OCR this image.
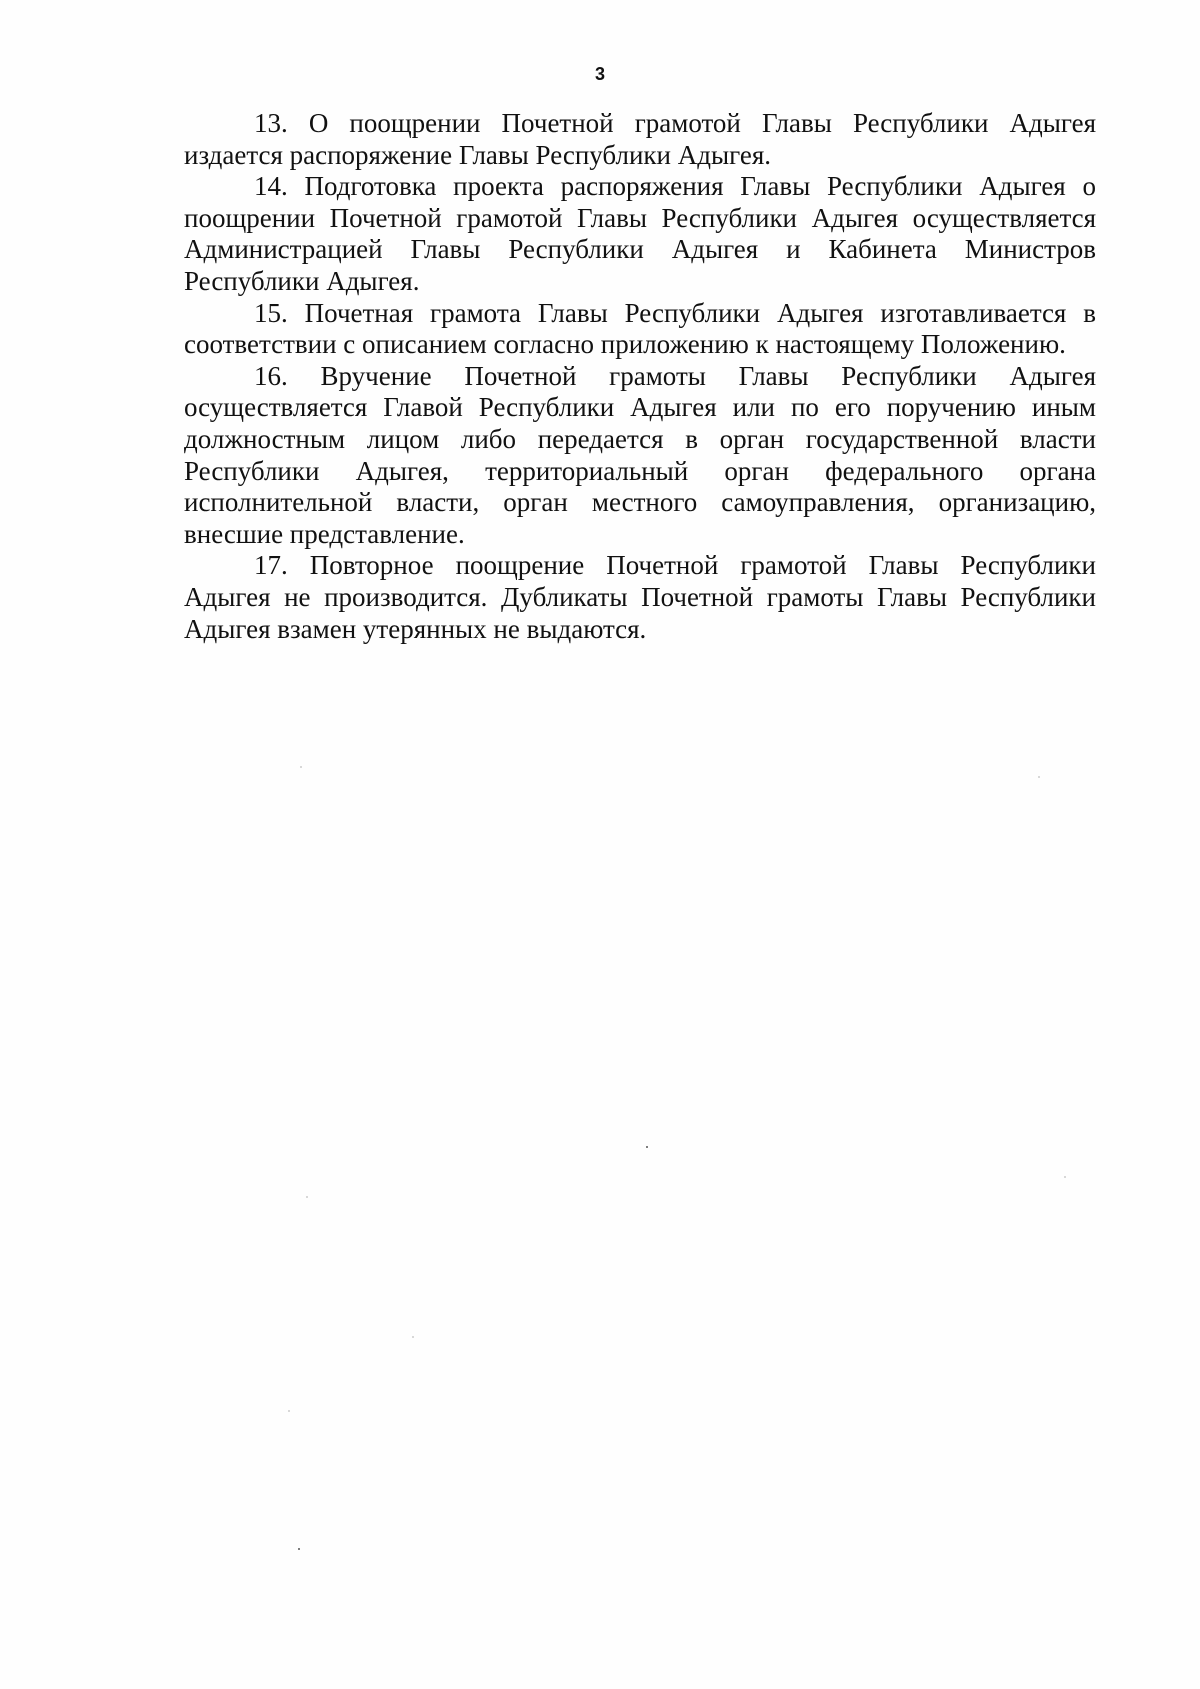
3

13. О поощрении Почетной грамотой Главы Республики Адыгея издается распоряжение Главы Республики Адыгея.

14. Подготовка проекта распоряжения Главы Республики Адыгея о поощрении Почетной грамотой Главы Республики Адыгея осуществляется Администрацией Главы Республики Адыгея и Кабинета Министров Республики Адыгея.

15. Почетная грамота Главы Республики Адыгея изготавливается в соответствии с описанием согласно приложению к настоящему Положению.

16. Вручение Почетной грамоты Главы Республики Адыгея осуществляется Главой Республики Адыгея или по его поручению иным должностным лицом либо передается в орган государственной власти Республики Адыгея, территориальный орган федерального органа исполнительной власти, орган местного самоуправления, организацию, внесшие представление.

17. Повторное поощрение Почетной грамотой Главы Республики Адыгея не производится. Дубликаты Почетной грамоты Главы Республики Адыгея взамен утерянных не выдаются.
